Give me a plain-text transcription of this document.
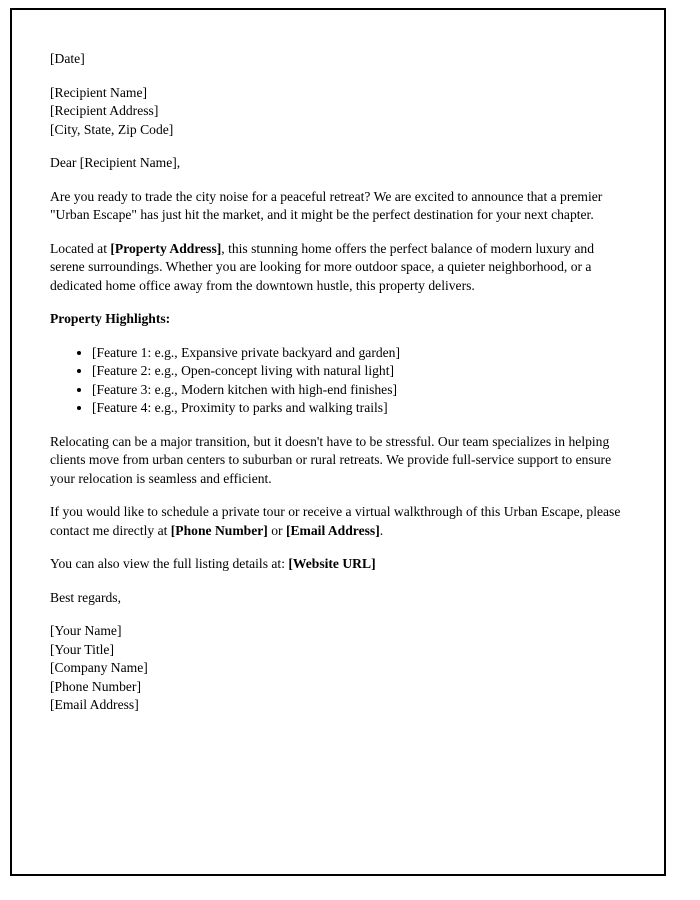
[Date]

[Recipient Name]
[Recipient Address]
[City, State, Zip Code]

Dear [Recipient Name],

Are you ready to trade the city noise for a peaceful retreat? We are excited to announce that a premier "Urban Escape" has just hit the market, and it might be the perfect destination for your next chapter.

Located at [Property Address], this stunning home offers the perfect balance of modern luxury and serene surroundings. Whether you are looking for more outdoor space, a quieter neighborhood, or a dedicated home office away from the downtown hustle, this property delivers.

Property Highlights:

• [Feature 1: e.g., Expansive private backyard and garden]
• [Feature 2: e.g., Open-concept living with natural light]
• [Feature 3: e.g., Modern kitchen with high-end finishes]
• [Feature 4: e.g., Proximity to parks and walking trails]

Relocating can be a major transition, but it doesn't have to be stressful. Our team specializes in helping clients move from urban centers to suburban or rural retreats. We provide full-service support to ensure your relocation is seamless and efficient.

If you would like to schedule a private tour or receive a virtual walkthrough of this Urban Escape, please contact me directly at [Phone Number] or [Email Address].

You can also view the full listing details at: [Website URL]

Best regards,

[Your Name]
[Your Title]
[Company Name]
[Phone Number]
[Email Address]
